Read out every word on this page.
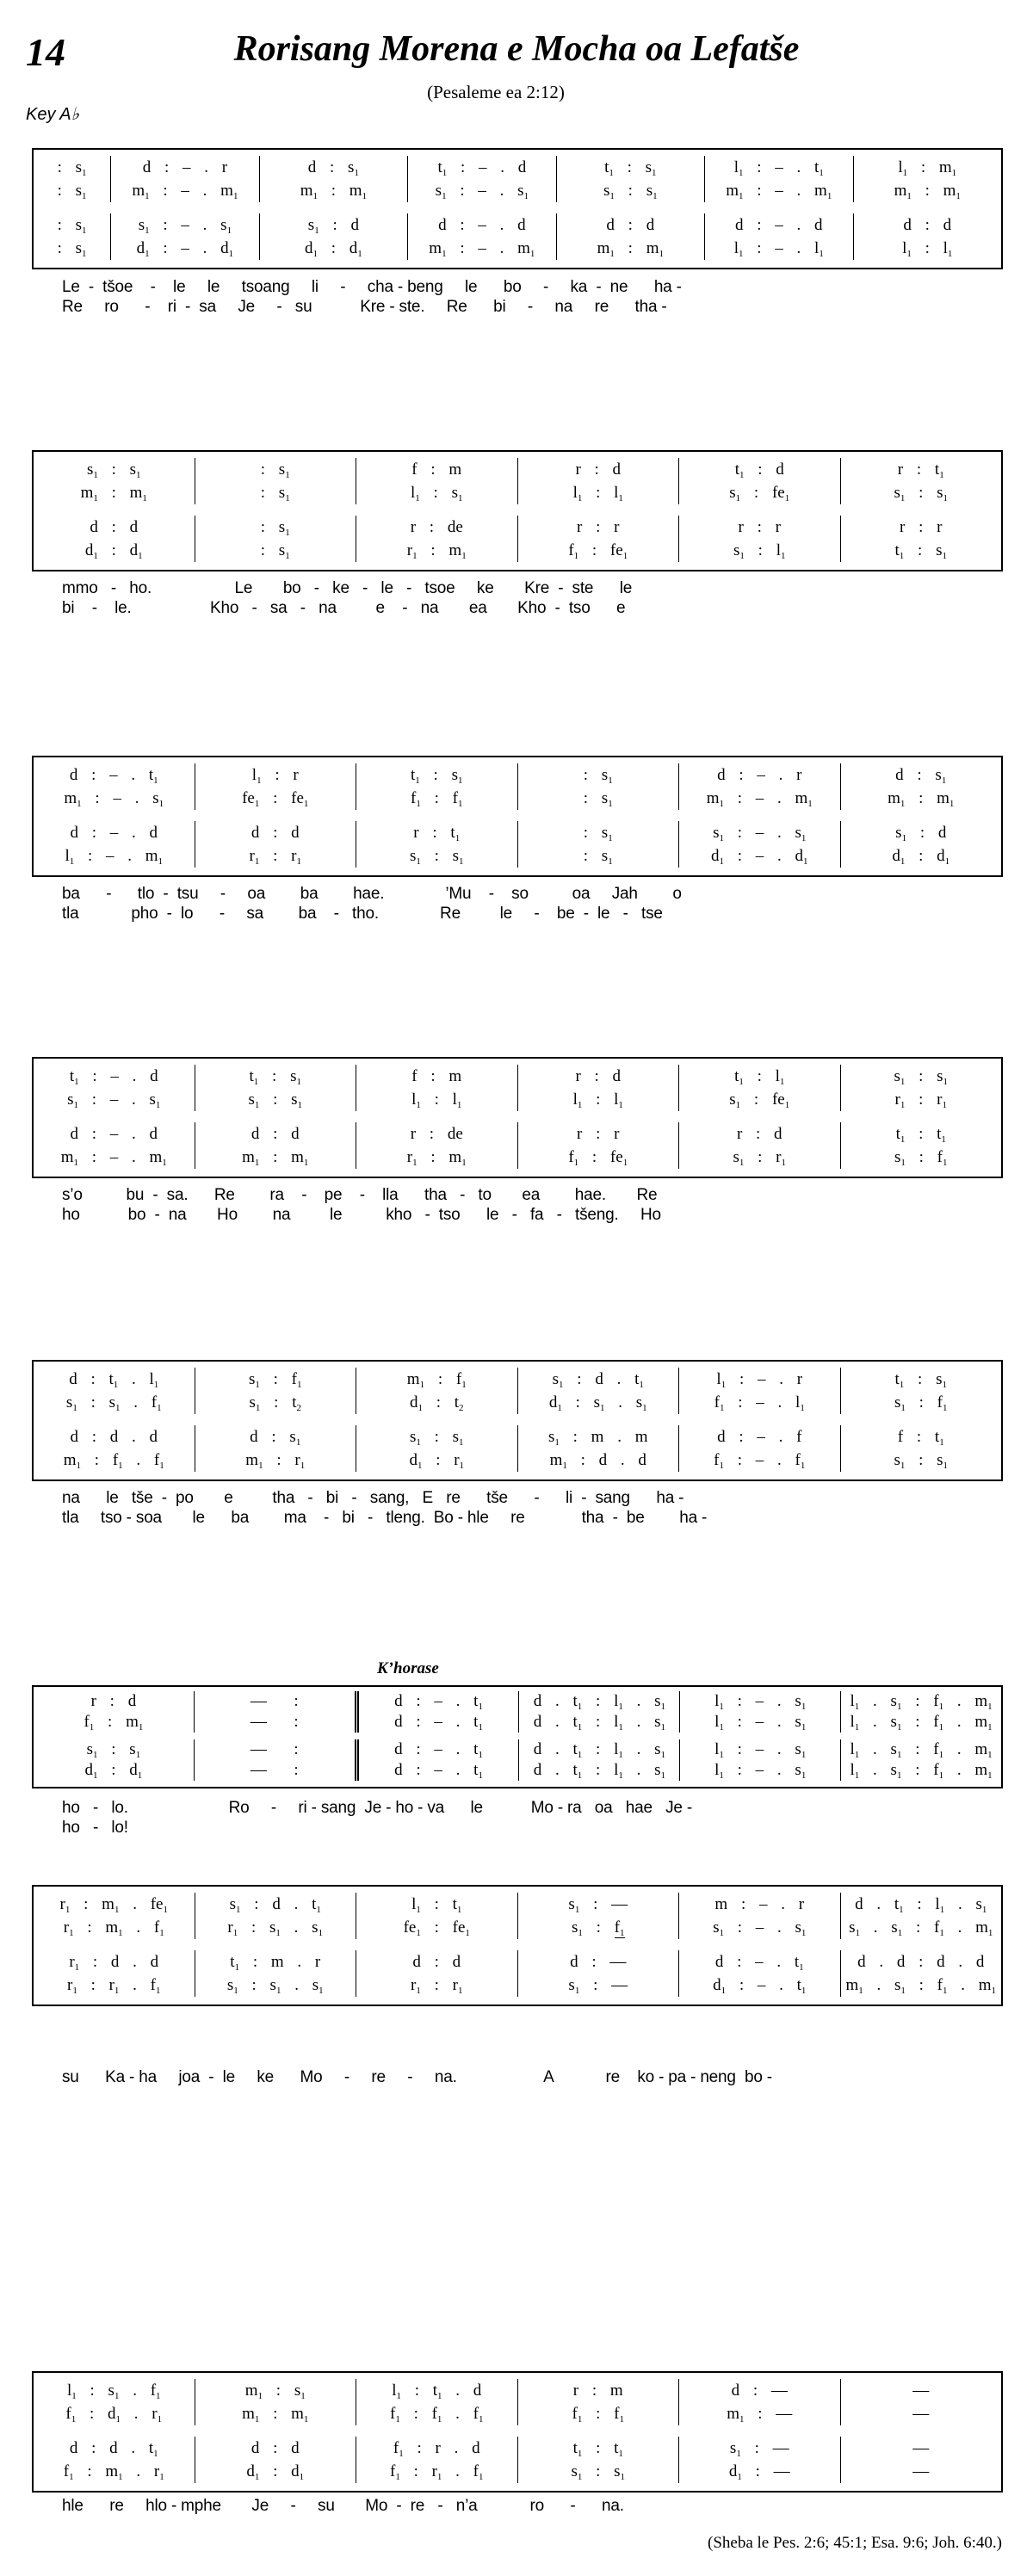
14	Rorisang Morena e Mocha oa Lefatše
(Pesaleme ea 2:12)
Key A♭
K’horase
: $s_1$	d : – . r	d : $s_1$	$t_1$ : – . d	$t_1$ : $s_1$	$l_1$ : – . $t_1$	$l_1$ : $m_1$
: $s_1$	$m_1$ : – . $m_1$	$m_1$ : $m_1$	$s_1$ : – . $s_1$	$s_1$ : $s_1$	$m_1$ : – . $m_1$	$m_1$ : $m_1$
: $s_1$	$s_1$ : – . $s_1$	$s_1$ : d	d : – . d	d : d	d : – . d	d : d
: $s_1$	$d_1$ : – . $d_1$	$d_1$ : $d_1$	$m_1$ : – . $m_1$	$m_1$ : $m_1$	$l_1$ : – . $l_1$	$l_1$ : $l_1$
Le  -  tšoe    -    le     le     tsoang     li     -     cha - beng     le      bo     -     ka  -  ne      ha -
Re     ro      -    ri  -  sa     Je     -   su           Kre - ste.     Re      bi     -     na     re      tha -
$s_1$ : $s_1$	: $s_1$	f : m	r : d	$t_1$ : d	r : $t_1$
$m_1$ : $m_1$	: $s_1$	$l_1$ : $s_1$	$l_1$ : $l_1$	$s_1$ : $fe_1$	$s_1$ : $s_1$
d : d	: $s_1$	r : de	r : r	r : r	r : r
$d_1$ : $d_1$	: $s_1$	$r_1$ : $m_1$	$f_1$ : $fe_1$	$s_1$ : $l_1$	$t_1$ : $s_1$
mmo   -   ho.                   Le       bo   -   ke   -   le   -   tsoe     ke       Kre  -  ste      le
bi    -    le.                  Kho   -   sa   -   na         e    -   na       ea       Kho  -  tso      e
d : – . $t_1$	$l_1$ : r	$t_1$ : $s_1$	: $s_1$	d : – . r	d : $s_1$
$m_1$ : – . $s_1$	$fe_1$ : $fe_1$	$f_1$ : $f_1$	: $s_1$	$m_1$ : – . $m_1$	$m_1$ : $m_1$
d : – . d	d : d	r : $t_1$	: $s_1$	$s_1$ : – . $s_1$	$s_1$ : d
$l_1$ : – . $m_1$	$r_1$ : $r_1$	$s_1$ : $s_1$	: $s_1$	$d_1$ : – . $d_1$	$d_1$ : $d_1$
ba      -      tlo  -  tsu     -     oa        ba        hae.              ’Mu    -    so          oa     Jah        o
tla            pho  -  lo      -     sa        ba    -   tho.              Re         le     -    be  -  le   -   tse
$t_1$ : – . d	$t_1$ : $s_1$	f : m	r : d	$t_1$ : $l_1$	$s_1$ : $s_1$
$s_1$ : – . $s_1$	$s_1$ : $s_1$	$l_1$ : $l_1$	$l_1$ : $l_1$	$s_1$ : $fe_1$	$r_1$ : $r_1$
d : – . d	d : d	r : de	r : r	r : d	$t_1$ : $t_1$
$m_1$ : – . $m_1$	$m_1$ : $m_1$	$r_1$ : $m_1$	$f_1$ : $fe_1$	$s_1$ : $r_1$	$s_1$ : $f_1$
s’o          bu  -  sa.      Re        ra    -    pe    -    lla      tha   -   to       ea        hae.       Re
ho           bo  -  na       Ho        na         le          kho   -  tso      le   -   fa   -   tšeng.     Ho
d : $t_1$ . $l_1$	$s_1$ : $f_1$	$m_1$ : $f_1$	$s_1$ : d . $t_1$	$l_1$ : – . r	$t_1$ : $s_1$
$s_1$ : $s_1$ . $f_1$	$s_1$ : $t_2$	$d_1$ : $t_2$	$d_1$ : $s_1$ . $s_1$	$f_1$ : – . $l_1$	$s_1$ : $f_1$
d : d . d	d : $s_1$	$s_1$ : $s_1$	$s_1$ : m . m	d : – . f	f : $t_1$
$m_1$ : $f_1$ . $f_1$	$m_1$ : $r_1$	$d_1$ : $r_1$	$m_1$ : d . d	$f_1$ : – . $f_1$	$s_1$ : $s_1$
na      le   tše  -  po       e         tha   -   bi   -   sang,   E   re      tše      -      li  -  sang      ha -
tla     tso - soa       le      ba        ma    -   bi   -   tleng.  Bo - hle     re             tha  -  be        ha -
r : d	—  :	d : – . $t_1$	d . $t_1$ : $l_1$ . $s_1$	$l_1$ : – . $s_1$	$l_1$ . $s_1$ : $f_1$ . $m_1$
$f_1$ : $m_1$	—  :	d : – . $t_1$	d . $t_1$ : $l_1$ . $s_1$	$l_1$ : – . $s_1$	$l_1$ . $s_1$ : $f_1$ . $m_1$
$s_1$ : $s_1$	—  :	d : – . $t_1$	d . $t_1$ : $l_1$ . $s_1$	$l_1$ : – . $s_1$	$l_1$ . $s_1$ : $f_1$ . $m_1$
$d_1$ : $d_1$	—  :	d : – . $t_1$	d . $t_1$ : $l_1$ . $s_1$	$l_1$ : – . $s_1$	$l_1$ . $s_1$ : $f_1$ . $m_1$
ho   -   lo.                       Ro     -     ri - sang  Je - ho - va      le           Mo - ra   oa   hae   Je -
ho   -   lo!
$r_1$ : $m_1$ . $fe_1$	$s_1$ : d . $t_1$	$l_1$ : $t_1$	$s_1$ : —	m : – . r	d . $t_1$ : $l_1$ . $s_1$
$r_1$ : $m_1$ . $f_1$	$r_1$ : $s_1$ . $s_1$	$fe_1$ : $fe_1$	$s_1$ : $f_1$	$s_1$ : – . $s_1$	$s_1$ . $s_1$ : $f_1$ . $m_1$
$r_1$ : d . d	$t_1$ : m . r	d : d	d : —	d : – . $t_1$	d . d : d . d
$r_1$ : $r_1$ . $f_1$	$s_1$ : $s_1$ . $s_1$	$r_1$ : $r_1$	$s_1$ : —	$d_1$ : – . $t_1$	$m_1$ . $s_1$ : $f_1$ . $m_1$
su      Ka - ha     joa  -  le     ke      Mo     -     re     -     na.                    A            re    ko - pa - neng  bo -
$l_1$ : $s_1$ . $f_1$	$m_1$ : $s_1$	$l_1$ : $t_1$ . d	r : m	d : —	—
$f_1$ : $d_1$ . $r_1$	$m_1$ : $m_1$	$f_1$ : $f_1$ . $f_1$	$f_1$ : $f_1$	$m_1$ : —	—
d : d . $t_1$	d : d	$f_1$ : r . d	$t_1$ : $t_1$	$s_1$ : —	—
$f_1$ : $m_1$ . $r_1$	$d_1$ : $d_1$	$f_1$ : $r_1$ . $f_1$	$s_1$ : $s_1$	$d_1$ : —	—
hle      re     hlo - mphe       Je     -     su       Mo  -  re   -   n’a            ro      -      na.
(Sheba le Pes. 2:6; 45:1; Esa. 9:6; Joh. 6:40.)
